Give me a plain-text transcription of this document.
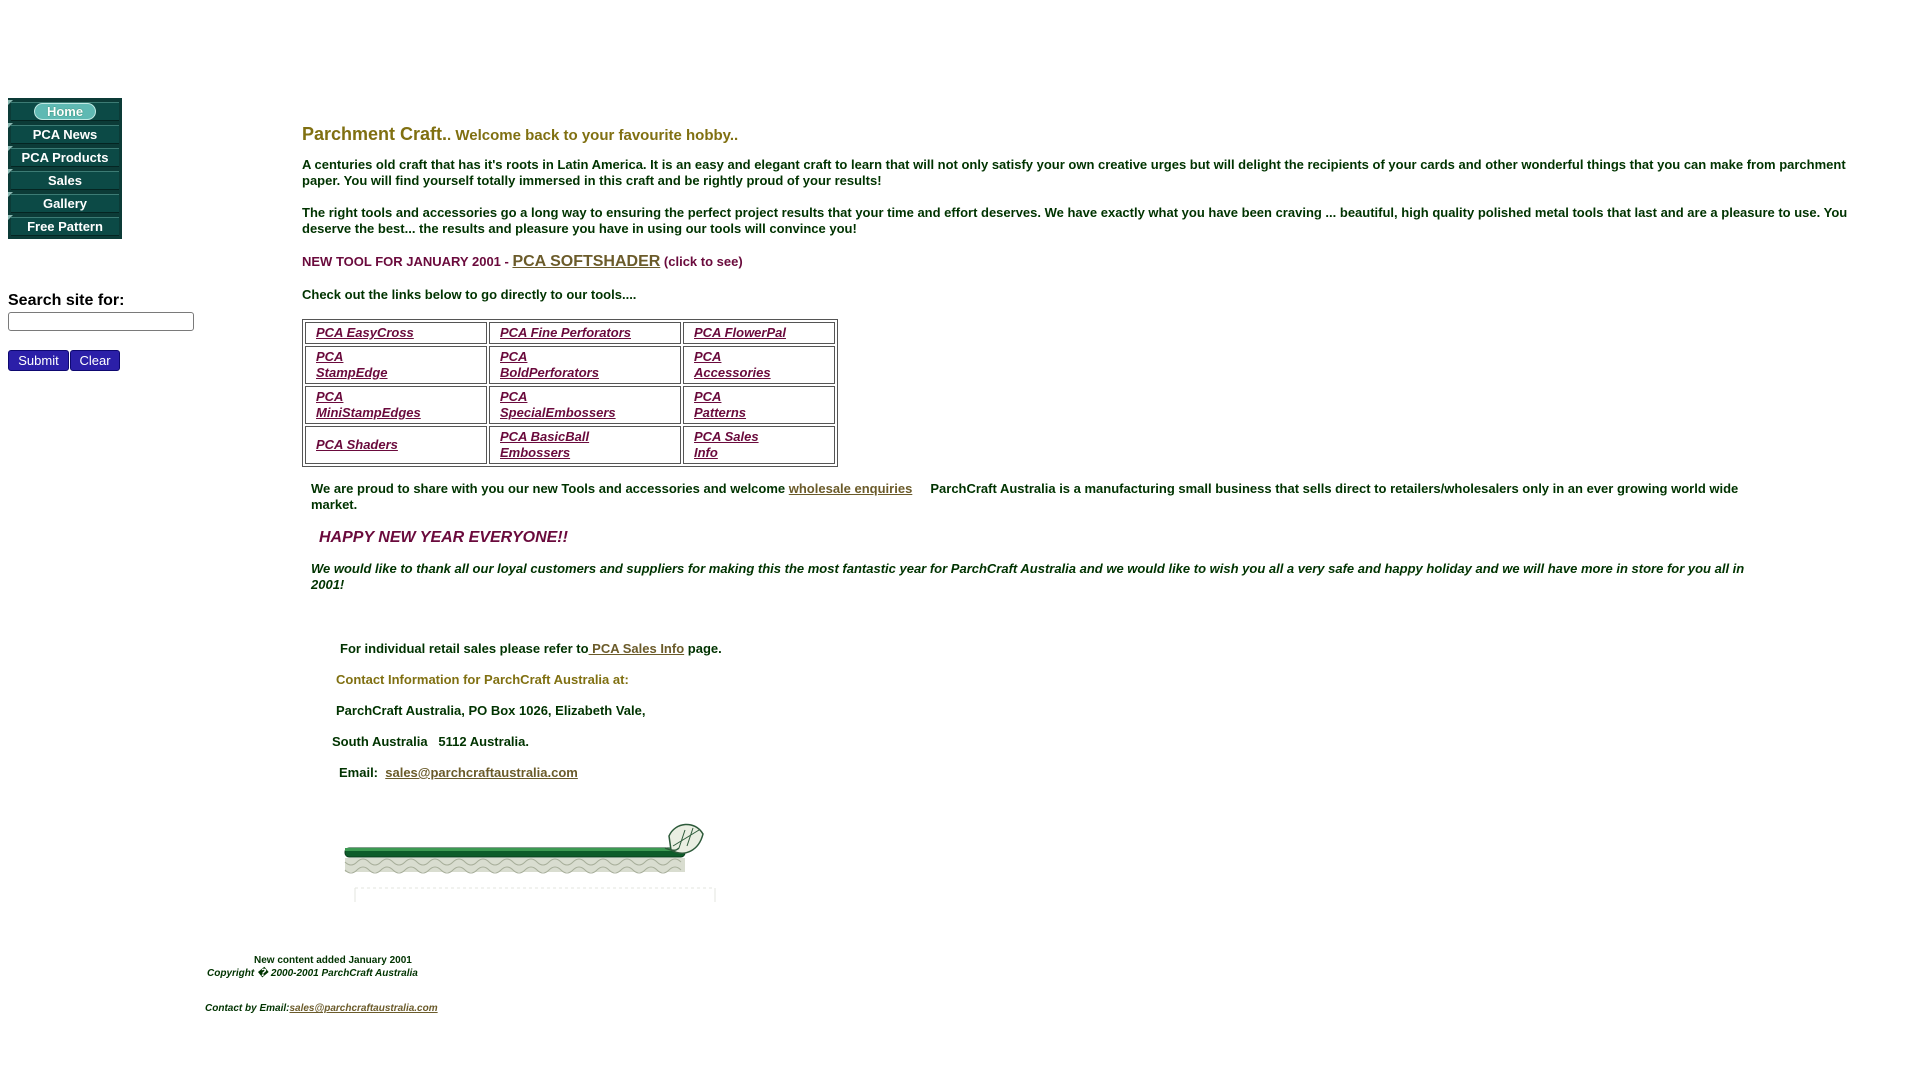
Home
PCA News
PCA Products
Sales
Gallery
Free Pattern
Search site for:
Submit	Clear
Parchment Craft.. Welcome back to your favourite hobby..
A centuries old craft that has it's roots in Latin America. It is an easy and elegant craft to learn that will not only satisfy your own creative urges but will delight the recipients of your cards and other wonderful things that you can make from parchment paper. You will find yourself totally immersed in this craft and be rightly proud of your results!
The right tools and accessories go a long way to ensuring the perfect project results that your time and effort deserves. We have exactly what you have been craving ... beautiful, high quality polished metal tools that last and are a pleasure to use. You deserve the best... the results and pleasure you have in using our tools will convince you!
NEW TOOL FOR JANUARY 2001 - PCA SOFTSHADER (click to see)
Check out the links below to go directly to our tools....
PCA EasyCross	PCA Fine Perforators	PCA FlowerPal
PCA StampEdge	PCA BoldPerforators	PCA Accessories
PCA MiniStampEdges	PCA SpecialEmbossers	PCA Patterns
PCA Shaders	PCA BasicBall Embossers	PCA Sales Info
We are proud to share with you our new Tools and accessories and welcome wholesale enquiries     ParchCraft Australia is a manufacturing small business that sells direct to retailers/wholesalers only in an ever growing world wide market.
HAPPY NEW YEAR EVERYONE!!
We would like to thank all our loyal customers and suppliers for making this the most fantastic year for ParchCraft Australia and we would like to wish you all a very safe and happy holiday and we will have more in store for you all in 2001!
For individual retail sales please refer to PCA Sales Info page.
Contact Information for ParchCraft Australia at:
ParchCraft Australia, PO Box 1026, Elizabeth Vale,
South Australia   5112 Australia.
Email:  sales@parchcraftaustralia.com
New content added January 2001
Copyright � 2000-2001 ParchCraft Australia
Contact by Email:sales@parchcraftaustralia.com
